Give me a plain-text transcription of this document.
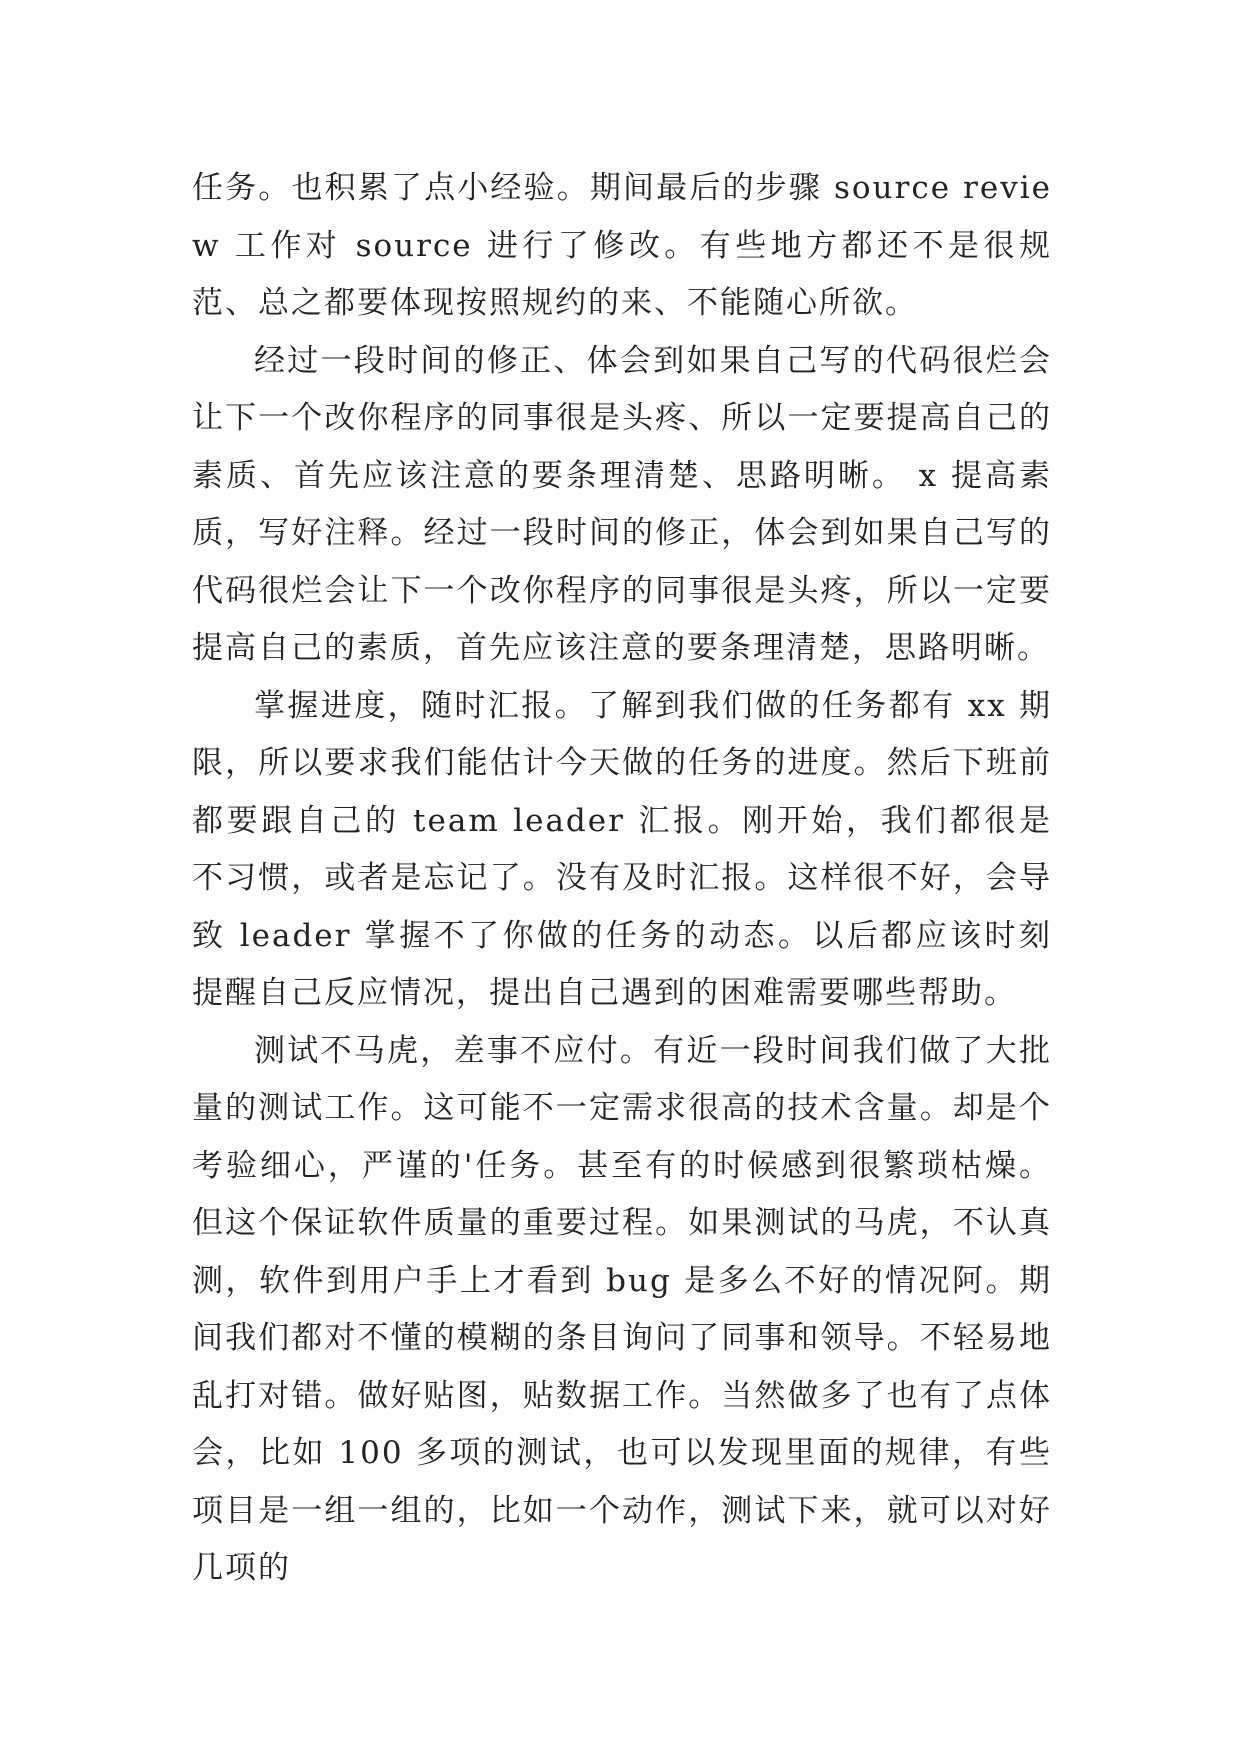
任务。也积累了点小经验。期间最后的步骤 source review 工作对 source 进行了修改。有些地方都还不是很规范、总之都要体现按照规约的来、不能随心所欲。

经过一段时间的修正、体会到如果自己写的代码很烂会让下一个改你程序的同事很是头疼、所以一定要提高自己的素质、首先应该注意的要条理清楚、思路明晰。 x 提高素质，写好注释。经过一段时间的修正，体会到如果自己写的代码很烂会让下一个改你程序的同事很是头疼，所以一定要提高自己的素质，首先应该注意的要条理清楚，思路明晰。

掌握进度，随时汇报。了解到我们做的任务都有 xx 期限，所以要求我们能估计今天做的任务的进度。然后下班前都要跟自己的 team leader 汇报。刚开始，我们都很是不习惯，或者是忘记了。没有及时汇报。这样很不好，会导致 leader 掌握不了你做的任务的动态。以后都应该时刻提醒自己反应情况，提出自己遇到的困难需要哪些帮助。

测试不马虎，差事不应付。有近一段时间我们做了大批量的测试工作。这可能不一定需求很高的技术含量。却是个考验细心，严谨的'任务。甚至有的时候感到很繁琐枯燥。但这个保证软件质量的重要过程。如果测试的马虎，不认真测，软件到用户手上才看到 bug 是多么不好的情况阿。期间我们都对不懂的模糊的条目询问了同事和领导。不轻易地乱打对错。做好贴图，贴数据工作。当然做多了也有了点体会，比如 100 多项的测试，也可以发现里面的规律，有些项目是一组一组的，比如一个动作，测试下来，就可以对好几项的
